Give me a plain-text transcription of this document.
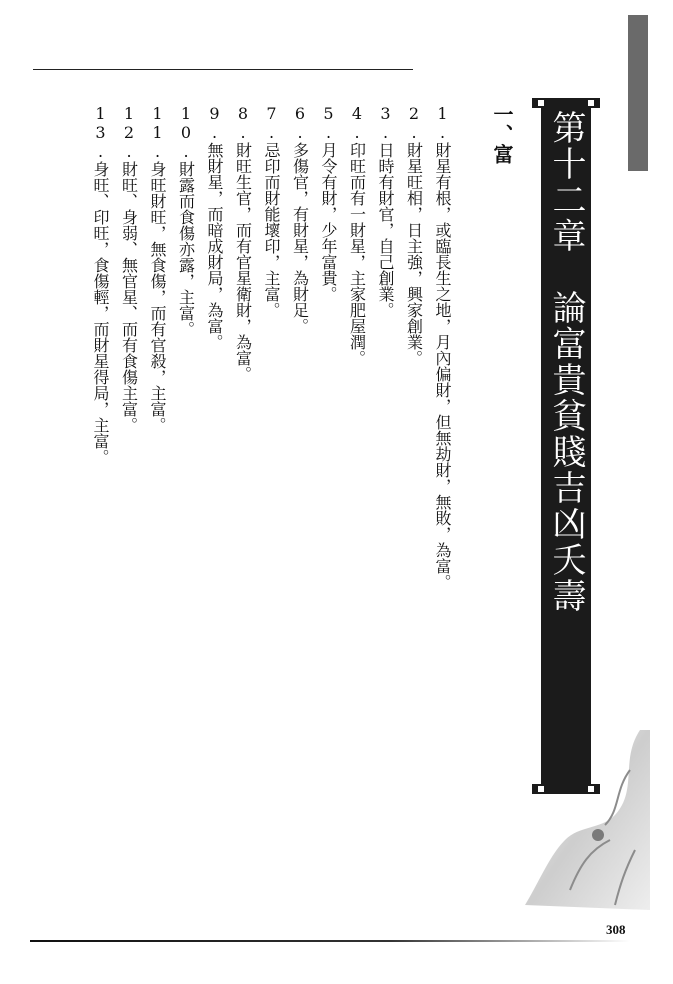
第十二章　論富貴貧賤吉凶夭壽
一、富
1.財星有根，或臨長生之地，月內偏財，但無劫財，無敗，為富。
2.財星旺相，日主強，興家創業。
3.日時有財官，自己創業。
4.印旺而有一財星，主家肥屋潤。
5.月令有財，少年富貴。
6.多傷官，有財星，為財足。
7.忌印而財能壞印，主富。
8.財旺生官，而有官星衛財，為富。
9.無財星，而暗成財局，為富。
10.財露而食傷亦露，主富。
11.身旺財旺，無食傷，而有官殺，主富。
12.財旺、身弱、無官星、而有食傷主富。
13.身旺、印旺，食傷輕，而財星得局，主富。
308
